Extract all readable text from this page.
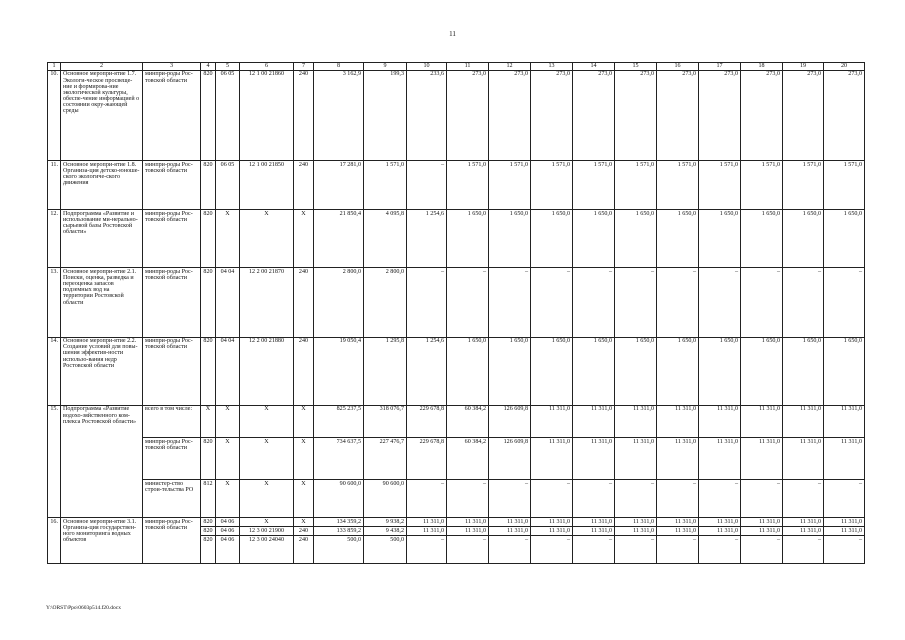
11
1	2	3	4	5	6	7	8	9	10	11	12	13	14	15	16	17	18	19	20
10.	Основное меропри-ятие 1.7. Экологи-ческое просвеще-ние и формирова-ние экологической культуры, обеспе-чение информацией о состоянии окру-жающей среды	минпри-роды Рос-товской области	820	06 05	12 1 00 21860	240	3 162,9	199,3	233,6	273,0	273,0	273,0	273,0	273,0	273,0	273,0	273,0	273,0	273,0
11.	Основное меропри-ятие 1.8. Организа-ция детско-юноше-ского экологиче-ского движения	минпри-роды Рос-товской области	820	06 05	12 1 00 21850	240	17 281,0	1 571,0	–	1 571,0	1 571,0	1 571,0	1 571,0	1 571,0	1 571,0	1 571,0	1 571,0	1 571,0	1 571,0
12.	Подпрограмма «Развитие и использование ми-нерально-сырьевой базы Ростовской области»	минпри-роды Рос-товской области	820	X	X	X	21 850,4	4 095,8	1 254,6	1 650,0	1 650,0	1 650,0	1 650,0	1 650,0	1 650,0	1 650,0	1 650,0	1 650,0	1 650,0
13.	Основное меропри-ятие 2.1. Поиски, оценка, разведка и переоценка запасов подземных вод на территории Ростовской области	минпри-роды Рос-товской области	820	04 04	12 2 00 21870	240	2 800,0	2 800,0	–	–	–	–	–	–	–	–	–	–	–
14.	Основное меропри-ятие 2.2. Создание условий для повы-шения эффектив-ности использо-вания недр Ростовской области	минпри-роды Рос-товской области	820	04 04	12 2 00 21880	240	19 050,4	1 295,8	1 254,6	1 650,0	1 650,0	1 650,0	1 650,0	1 650,0	1 650,0	1 650,0	1 650,0	1 650,0	1 650,0
15.	Подпрограмма «Развитие водохо-зяйственного ком-плекса Ростовской области»	всего в том числе:	X	X	X	X	825 237,5	318 076,7	229 678,8	60 384,2	126 609,8	11 311,0	11 311,0	11 311,0	11 311,0	11 311,0	11 311,0	11 311,0	11 311,0
		минпри-роды Рос-товской области	820	X	X	X	734 637,5	227 476,7	229 678,8	60 384,2	126 609,8	11 311,0	11 311,0	11 311,0	11 311,0	11 311,0	11 311,0	11 311,0	11 311,0
		министер-ство строи-тельства РО	812	X	X	X	90 600,0	90 600,0	–	–	–	–	–	–	–	–	–	–	–
16.	Основное меропри-ятие 3.1. Организа-ция государствен-ного мониторинга водных объектов	минпри-роды Рос-товской области	820	04 06	X	X	134 359,2	9 938,2	11 311,0	11 311,0	11 311,0	11 311,0	11 311,0	11 311,0	11 311,0	11 311,0	11 311,0	11 311,0	11 311,0
			820	04 06	12 3 00 21900	240	133 859,2	9 438,2	11 311,0	11 311,0	11 311,0	11 311,0	11 311,0	11 311,0	11 311,0	11 311,0	11 311,0	11 311,0	11 311,0
			820	04 06	12 3 00 24040	240	500,0	500,0	–	–	–	–	–	–	–	–	–	–	–
Y:\ORST\Ppo\0603p514.f20.docx
